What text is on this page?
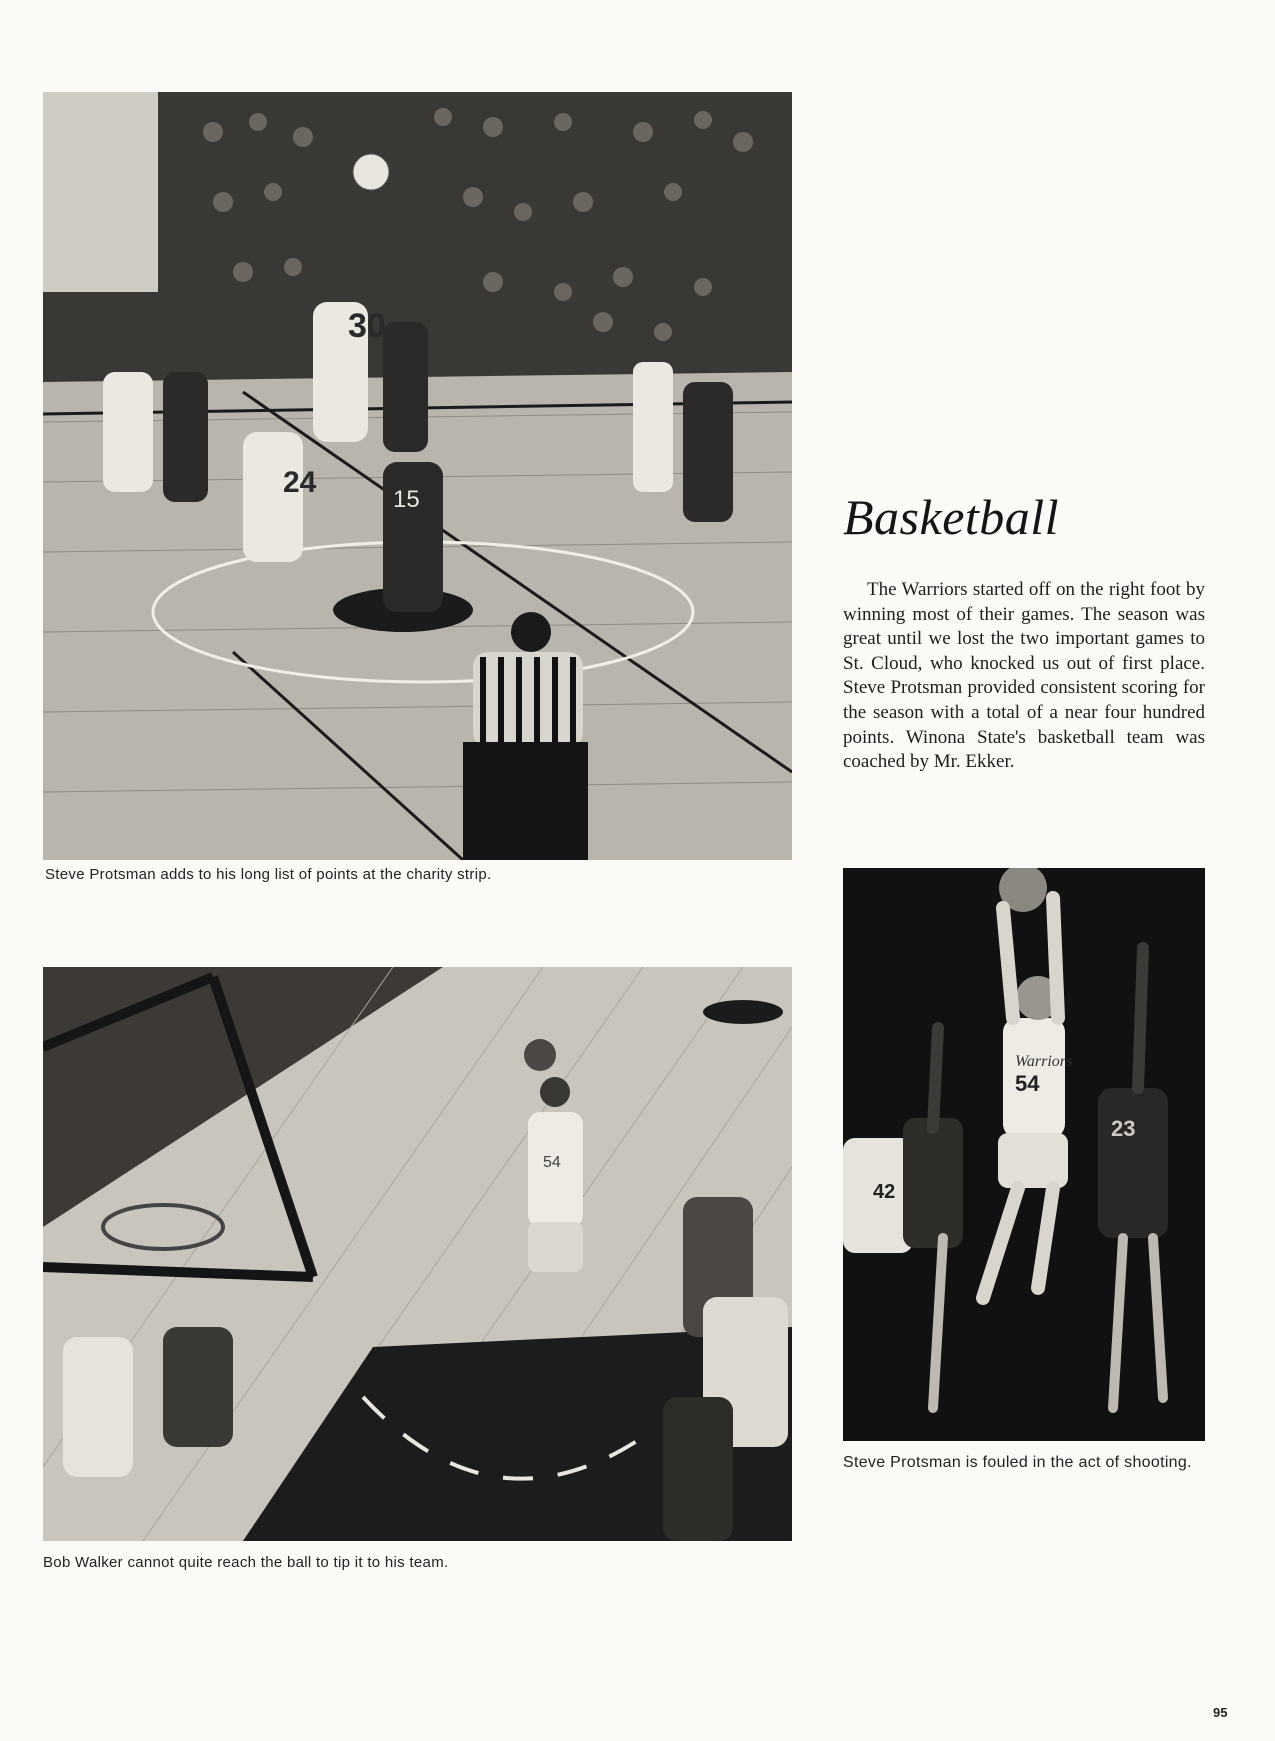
30
24
15
Steve Protsman adds to his long list of points at the charity strip.
54
Bob Walker cannot quite reach the ball to tip it to his team.
54
Warriors
42
23
Steve Protsman is fouled in the act of shooting.
Basketball
The Warriors started off on the right foot by winning most of their games. The season was great until we lost the two important games to St. Cloud, who knocked us out of first place. Steve Protsman provided consistent scoring for the season with a total of a near four hundred points. Winona State's basketball team was coached by Mr. Ekker.
95
